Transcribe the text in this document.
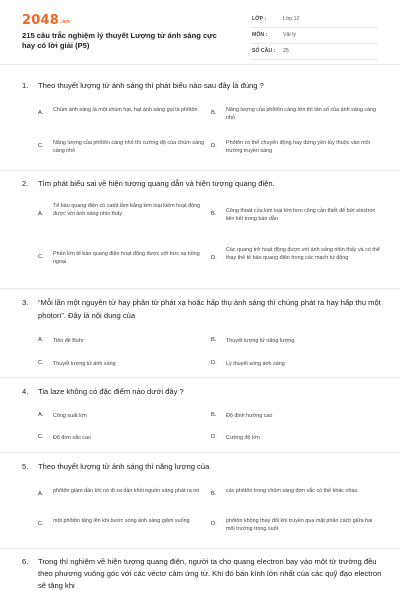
2048.vn
215 câu trắc nghiệm lý thuyết Lượng tử ánh sáng cực hay có lời giải (P5)
LỚP :	Lớp 12
MÔN :	Vật lý
SỐ CÂU : 25
1.	Theo thuyết lượng tử ánh sáng thì phát biểu nào sau đây là đúng ?
A. Chùm ánh sáng là một chùm hạt, hạt ánh sáng gọi là phôtôn	B. Năng lượng của phôtôn càng lớn thì tần số của ánh sáng càng nhỏ
C. Năng lượng của phôtôn càng nhỏ thì cường độ của chùm sáng càng nhỏ
D. Phôtôn có thể chuyển động hay đứng yên tùy thuộc vào môi trường truyền sáng
2.	Tìm phát biểu sai về hiện tượng quang dẫn và hiện tượng quang điện.
A.
Tế bào quang điện có catốt làm bằng kim loại kiềm hoạt động được với ánh sáng nhìn thấy	B. Công thoát của kim loại lớn hơn công cần thiết để bứt electron liên kết trong bán dẫn
C. Phần lớn tế bào quang điện hoạt động được với bức xạ hồng ngoại
D.
Các quang trở hoạt động được với ánh sáng nhìn thấy và có thể thay thế tế bào quang điện trong các mạch tự động
3.	“Mỗi lần một nguyên tử hay phân tử phát xạ hoặc hấp thụ ánh sáng thì chúng phát ra hay hấp thụ một photon”. Đây là nội dung của
A. Tiên đề Bohr	B. Thuyết lượng tử năng lượng
C. Thuyết lượng tử ánh sáng	D. Lý thuyết sóng ánh sáng
4.	Tia laze không có đặc điểm nào dưới đây ?
A. Công suất lớn	B. Độ định hướng cao
C. Độ đơn sắc cao	D. Cường độ lớn
5.	Theo thuyết lượng tử ánh sáng thì năng lượng của
A. phôtôn giảm dần khi nó đi xa dần khỏi nguồn sáng phát ra nó	B. các phôtôn trong chùm sáng đơn sắc có thể khác nhau
C. một phôtôn tăng lên khi bước sóng ánh sáng giảm xuống	D. phôtôn không thay đổi khi truyền qua mặt phân cách giữa hai môi trường trong suốt
6.	Trong thí nghiệm về hiện tượng quang điện, người ta cho quang electron bay vào một từ trường đều theo phương vuông góc với các véctơ cảm ứng từ. Khi đó bán kính lớn nhất của các quỹ đạo electron sẽ tăng khi
